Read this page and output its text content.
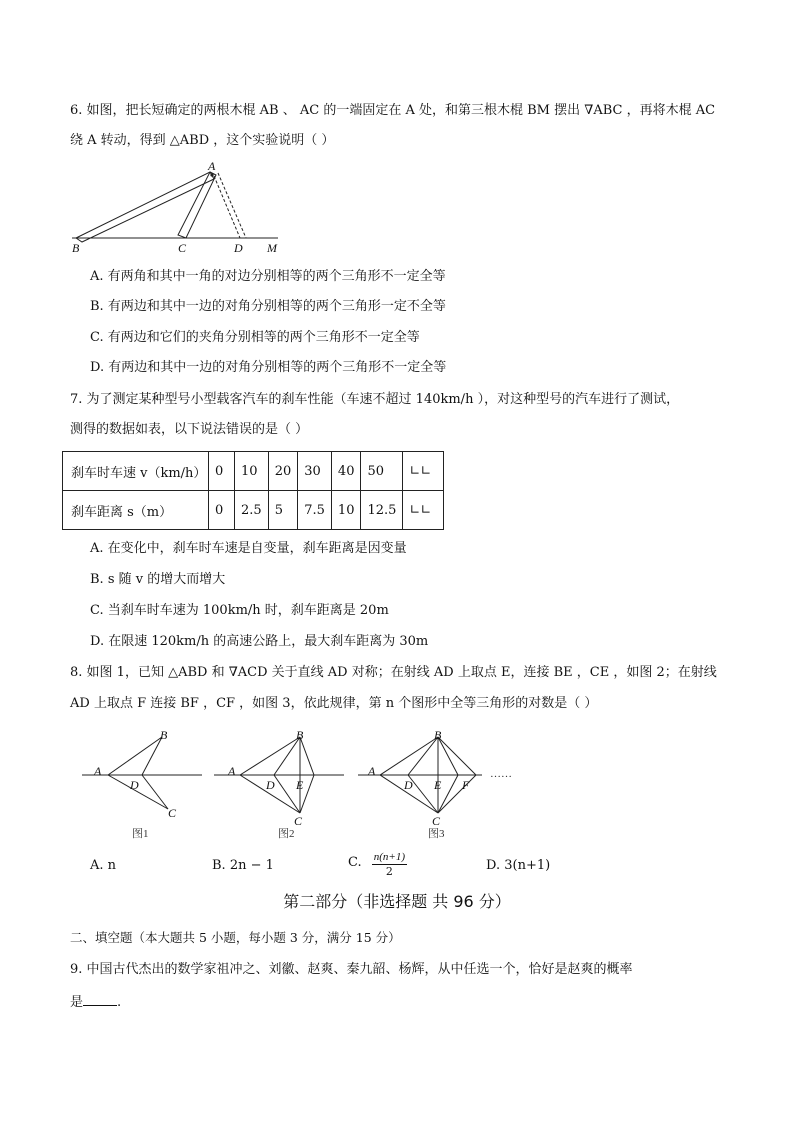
6. 如图，把长短确定的两根木棍 AB 、 AC 的一端固定在 A 处，和第三根木棍 BM 摆出 ∇ABC ，再将木棍 AC
绕 A 转动，得到 △ABD ，这个实验说明（ ）
A
B	C	D M
A. 有两角和其中一角的对边分别相等的两个三角形不一定全等
B. 有两边和其中一边的对角分别相等的两个三角形一定不全等
C. 有两边和它们的夹角分别相等的两个三角形不一定全等
D. 有两边和其中一边的对角分别相等的两个三角形不一定全等
7. 为了测定某种型号小型载客汽车的刹车性能（车速不超过 140km/h ），对这种型号的汽车进行了测试，
测得的数据如表，以下说法错误的是（ ）
刹车时车速 v（km/h）	0	10	20	30	40	50	∟∟
刹车距离 s（m）	0	2.5	5	7.5	10	12.5	∟∟
A. 在变化中，刹车时车速是自变量，刹车距离是因变量
B. s 随 v 的增大而增大
C. 当刹车时车速为 100km/h 时，刹车距离是 20m
D. 在限速 120km/h 的高速公路上，最大刹车距离为 30m
8. 如图 1，已知 △ABD 和 ∇ACD 关于直线 AD 对称；在射线 AD 上取点 E，连接 BE ，CE ，如图 2；在射线
AD 上取点 F 连接 BF ，CF ，如图 3，依此规律，第 n 个图形中全等三角形的对数是（ ）
A
B
D
C
图1
A
B
D E
C
图2
A
B
D E F
C
图3
……
A. n	B. 2n − 1	C. $\frac{n(n+1)}{2}$	D. 3(n+1)
第二部分（非选择题 共 96 分）
二、填空题（本大题共 5 小题，每小题 3 分，满分 15 分）
9. 中国古代杰出的数学家祖冲之、刘徽、赵爽、秦九韶、杨辉，从中任选一个，恰好是赵爽的概率
是	.
